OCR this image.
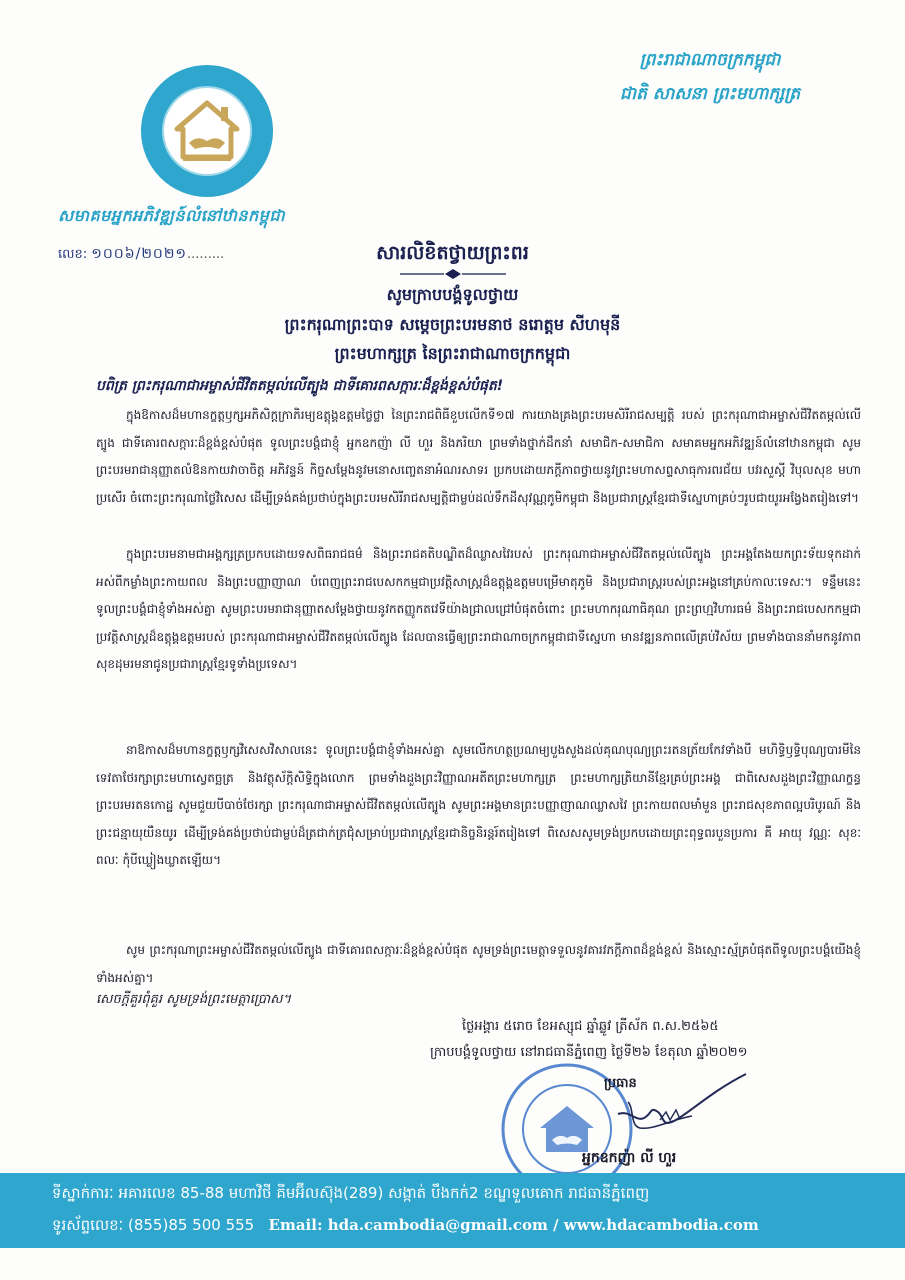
សមាគមអ្នកអភិវឌ្ឍន៍លំនៅឋានកម្ពុជា
លេខ: ១០០៦/២០២១.........
ព្រះរាជាណាចក្រកម្ពុជា
ជាតិ សាសនា ព្រះមហាក្សត្រ
សារលិខិតថ្វាយព្រះពរ
សូមក្រាបបង្គំទូលថ្វាយ
ព្រះករុណាព្រះបាទ សម្តេចព្រះបរមនាថ នរោត្តម សីហមុនី
ព្រះមហាក្សត្រ នៃព្រះរាជាណាចក្រកម្ពុជា
បពិត្រ ព្រះករុណាជាអម្ចាស់ជីវិតតម្កល់លើត្បូង ជាទីគោរពសក្ការៈដ៏ខ្ពង់ខ្ពស់បំផុត!
ក្នុងឱកាសដ៏មហានក្ខត្តឫក្សអភិសិក្តក្រាភិរម្យឧត្តុង្គឧត្តមថ្លៃថ្លា នៃព្រះរាជពិធីខួបលើកទី១៧ ការយាងគ្រងព្រះបរមសិរីរាជសម្បត្តិ របស់ ព្រះករុណាជាអម្ចាស់ជីវិតតម្កល់លើត្បូង ជាទីគោរពសក្ការៈដ៏ខ្ពង់ខ្ពស់បំផុត ទូលព្រះបង្គំជាខ្ញុំ អ្នកឧកញ៉ា លី ហួរ និងភរិយា ព្រមទាំងថ្នាក់ដឹកនាំ សមាជិក-សមាជិកា សមាគមអ្នកអភិវឌ្ឍន៍លំនៅឋានកម្ពុជា សូមព្រះបរមរាជានុញ្ញាតលំឱនកាយវាចាចិត្ត អភិវន្ទន៍ កិច្ចសម្តែងនូវមនោសញ្ចេតនាអំណរសាទរ ប្រកបដោយភក្តីភាពថ្វាយនូវព្រះមហាសព្ទសាធុការពរជ័យ បវរសួស្តី វិបុលសុខ មហាប្រសើរ ចំពោះព្រះករុណាថ្លៃវិសេស ដើម្បីទ្រង់គង់ប្រថាប់ក្នុងព្រះបរមសិរីរាជសម្បត្តិជាម្លប់ដល់ទឹកដីសុវណ្ណភូមិកម្ពុជា និងប្រជារាស្ត្រខ្មែរជាទីស្នេហាគ្រប់ៗរូបជាយូរអង្វែងតរៀងទៅ។
ក្នុងព្រះបរមនាមជាអង្គក្សត្រប្រកបដោយទសពិធរាជធម៌ និងព្រះរាជគតិបណ្ឌិតដ៏ឈ្លាសវៃរបស់ ព្រះករុណាជាអម្ចាស់ជីវិតតម្កល់លើត្បូង ព្រះអង្គតែងយកព្រះទ័យទុកដាក់អស់ពីកម្លាំងព្រះកាយពល និងព្រះបញ្ញាញាណ បំពេញព្រះរាជបេសកកម្មជាប្រវត្តិសាស្ត្រដ៏ឧត្តុង្គឧត្តមបម្រើមាតុភូមិ និងប្រជារាស្ត្ររបស់ព្រះអង្គនៅគ្រប់កាលៈទេសៈ។ ទន្ទឹមនេះ ទូលព្រះបង្គំជាខ្ញុំទាំងអស់គ្នា សូមព្រះបរមរាជានុញ្ញាតសម្តែងថ្វាយនូវកតញ្ញូកតវេទីយ៉ាងជ្រាលជ្រៅបំផុតចំពោះ ព្រះមហាករុណាធិគុណ ព្រះព្រហ្មវិហារធម៌ និងព្រះរាជបេសកកម្មជាប្រវត្តិសាស្ត្រដ៏ឧត្តុង្គឧត្តមរបស់ ព្រះករុណាជាអម្ចាស់ជីវិតតម្កល់លើត្បូង ដែលបានធ្វើឲ្យព្រះរាជាណាចក្រកម្ពុជាជាទីស្នេហា មានវឌ្ឍនភាពលើគ្រប់វិស័យ ព្រមទាំងបាននាំមកនូវភាពសុខដុមរមនាជូនប្រជារាស្ត្រខ្មែរទូទាំងប្រទេស។
នាឱកាសដ៏មហានក្ខត្តឫក្សវិសេសវិសាលនេះ ទូលព្រះបង្គំជាខ្ញុំទាំងអស់គ្នា សូមលើកហត្ថប្រណម្យបួងសួងដល់គុណបុណ្យព្រះរតនត្រ័យកែវទាំងបី មហិទ្ធិឫទ្ធិបុណ្យបារមីនៃទេវតាថែរក្សាព្រះមហាស្វេតច្ឆត្រ និងវត្ថុស័ក្តិសិទ្ធិក្នុងលោក ព្រមទាំងដួងព្រះវិញ្ញាណអតីតព្រះមហាក្សត្រ ព្រះមហាក្សត្រិយានីខ្មែរគ្រប់ព្រះអង្គ ជាពិសេសដួងព្រះវិញ្ញាណក្ខន្ធព្រះបរមរតនកោដ្ឋ សូមជួយបីបាច់ថែរក្សា ព្រះករុណាជាអម្ចាស់ជីវិតតម្កល់លើត្បូង សូមព្រះអង្គមានព្រះបញ្ញាញាណឈ្លាសវៃ ព្រះកាយពលមាំមួន ព្រះរាជសុខភាពល្អបរិបូរណ៍ និងព្រះជន្មាយុយឺនយូរ ដើម្បីទ្រង់គង់ប្រថាប់ជាម្លប់ដ៏ត្រជាក់ត្រជុំសម្រាប់ប្រជារាស្ត្រខ្មែរជានិច្ចនិរន្តរ៍តរៀងទៅ ពិសេសសូមទ្រង់ប្រកបដោយព្រះពុទ្ធពរបួនប្រការ គឺ អាយុ វណ្ណៈ សុខៈ ពលៈ កុំបីឃ្លៀងឃ្លាតឡើយ។
សូម ព្រះករុណាព្រះអម្ចាស់ជីវិតតម្កល់លើត្បូង ជាទីគោរពសក្ការៈដ៏ខ្ពង់ខ្ពស់បំផុត សូមទ្រង់ព្រះមេត្តាទទួលនូវគារវភក្តីភាពដ៏ខ្ពង់ខ្ពស់ និងស្មោះស្ម័គ្របំផុតពីទូលព្រះបង្គំយើងខ្ញុំទាំងអស់គ្នា។
សេចក្តីគួរពុំគួរ សូមទ្រង់ព្រះមេត្តាប្រោស។
ថ្ងៃអង្គារ ៥រោច ខែអស្សុជ ឆ្នាំឆ្លូវ ត្រីស័ក ព.ស.២៥៦៥
ក្រាបបង្គំទូលថ្វាយ នៅរាជធានីភ្នំពេញ ថ្ងៃទី២៦ ខែតុលា ឆ្នាំ២០២១
ប្រធាន
អ្នកឧកញ៉ា លី ហួរ
ទីស្នាក់ការៈ អគារលេខ 85-88 មហាវិថី គីមអ៊ីលស៊ុង(289) សង្កាត់ បឹងកក់2 ខណ្ឌទួលគោក រាជធានីភ្នំពេញ
ទូរស័ព្ទលេខៈ (855)85 500 555 Email: hda.cambodia@gmail.com / www.hdacambodia.com
